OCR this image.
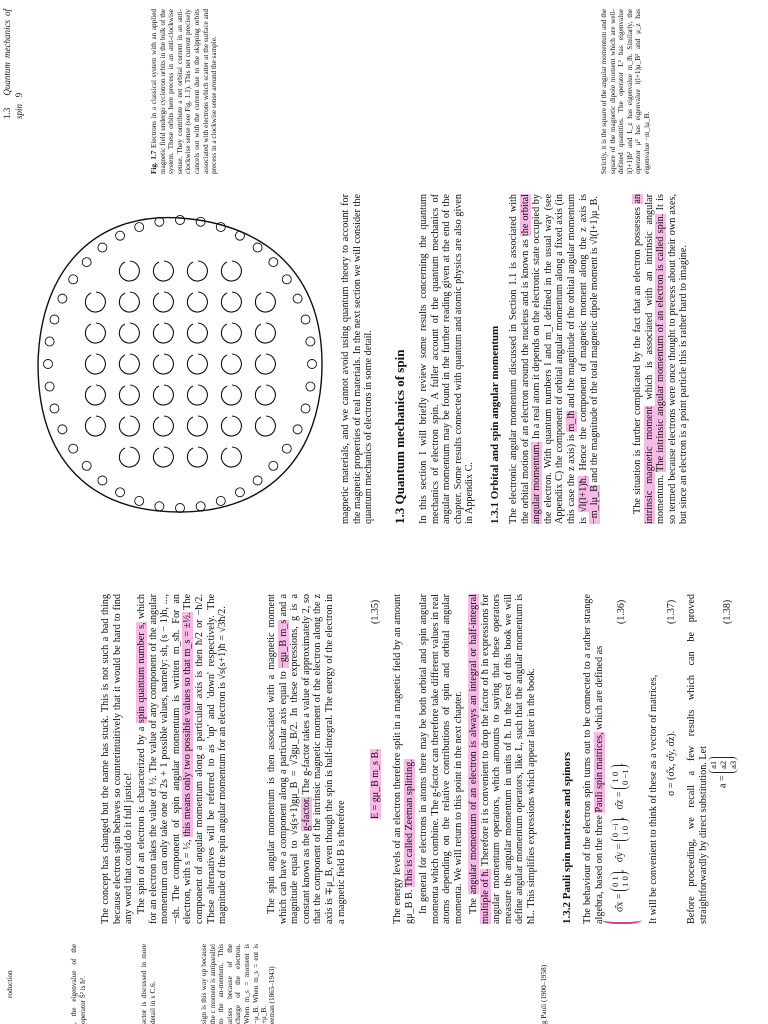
roduction
1.3   Quantum mechanics of spin   9
, the eigenvalue of the operator Ŝ² is ħ².	actor is discussed in more detail in x C.6.	sign is this way up because the c moment is antiparallel to the an-mentum. This arises because of the charge of the electron. When m_s = moment is −μ_B. When m_s = ent is +μ_B. eeman (1865–1943)	g Pauli (1900–1958)
The concept has changed but the name has stuck. This is not such a bad thing because electron spin behaves so counterintuitively that it would be hard to find any word that could do it full justice! The spin of an electron is characterized by a spin quantum number s, which for an electron takes the value of ½. The value of any component of the angular momentum can only take one of 2s + 1 possible values, namely: sh, (s − 1)h, ..., −sh. The component of spin angular momentum is written m_sħ. For an electron, with s = ½, this means only two possible values so that m_s = ±½. The component of angular momentum along a particular axis is then ħ/2 or −ħ/2. These alternatives will be referred to as 'up' and 'down' respectively. The magnitude of the spin angular momentum for an electron is √s(s+1)ħ = √3ħ/2.	The spin angular momentum is then associated with a magnetic moment which can have a component along a particular axis equal to −gμ_B m_s and a magnitude equal to √s(s+1)gμ_B = √3gμ_B/2. In these expressions, g is a constant known as the g-factor. The g-factor takes a value of approximately 2, so that the component of the intrinsic magnetic moment of the electron along the z axis is ∓μ_B, even though the spin is half-integral. The energy of the electron in a magnetic field B is therefore
E = gμ_B m_s B.
(1.35) The energy levels of an electron therefore split in a magnetic field by an amount gμ_B B. This is called Zeeman splitting. In general for electrons in atoms there may be both orbital and spin angular momenta which combine. The g-factor can therefore take different values in real atoms depending on the relative contributions of spin and orbital angular momenta. We will return to this point in the next chapter. The angular momentum of an electron is always an integral or half-integral multiple of ħ. Therefore it is convenient to drop the factor of ħ in expressions for angular momentum operators, which amounts to saying that these operators measure the angular momentum in units of ħ. In the rest of this book we will define angular momentum operators, like L, such that the angular momentum is ħL. This simplifies expressions which appear later in the book. 1.3.2 Pauli spin matrices and spinors The behaviour of the electron spin turns out to be connected to a rather strange algebra, based on the three Pauli spin matrices, which are defined as
σ̂x = 0 1
1 0,   σ̂y = 0 −i
i 0,   σ̂z = 1 0
0 −1.
(1.36)
It will be convenient to think of these as a vector of matrices, σ = (σ̂x, σ̂y, σ̂z).
(1.37) Before proceeding, we recall a few results which can be proved straightforwardly by direct substitution. Let a = a1
a2
a3
(1.38)
Fig. 1.7 Electrons in a classical system with an applied magnetic field undergo cyclotron orbits in the bulk of the system. These orbits here precess in an anti-clockwise sense. They contribute a net orbital current in an anti-clockwise sense (see Fig. 1.1). This net current precisely cancels out with the current due to the skipping orbits associated with electrons which scatter at the surface and precess in a clockwise sense around the sample.	Strictly, it is the square of the angular momentum and the square of the magnetic dipole moment which are well-defined quantities. The operator L² has eigenvalue l(l+1)ħ² and L_z has eigenvalue m_lħ. Similarly, the operator μ² has eigenvalue l(l+1)μ_B² and μ_z has eigenvalue −m_lμ_B.
magnetic materials, and we cannot avoid using quantum theory to account for the magnetic properties of real materials. In the next section we will consider the quantum mechanics of electrons in some detail. 1.3 Quantum mechanics of spin In this section I will briefly review some results concerning the quantum mechanics of electron spin. A fuller account of the quantum mechanics of angular momentum may be found in the further reading given at the end of the chapter. Some results connected with quantum and atomic physics are also given in Appendix C. 1.3.1 Orbital and spin angular momentum The electronic angular momentum discussed in Section 1.1 is associated with the orbital motion of an electron around the nucleus and is known as the orbital angular momentum. In a real atom it depends on the electronic state occupied by the electron. With quantum numbers l and m_l defined in the usual way (see Appendix C) the component of orbital angular momentum along a fixed axis (in this case the z axis) is m_lħ and the magnitude of the orbital angular momentum is √l(l+1)ħ. Hence the component of magnetic moment along the z axis is −m_lμ_B and the magnitude of the total magnetic dipole moment is √l(l+1)μ_B.	The situation is further complicated by the fact that an electron possesses an intrinsic magnetic moment which is associated with an intrinsic angular momentum. The intrinsic angular momentum of an electron is called spin. It is so termed because electrons were once thought to precess about their own axes, but since an electron is a point particle this is rather hard to imagine.
